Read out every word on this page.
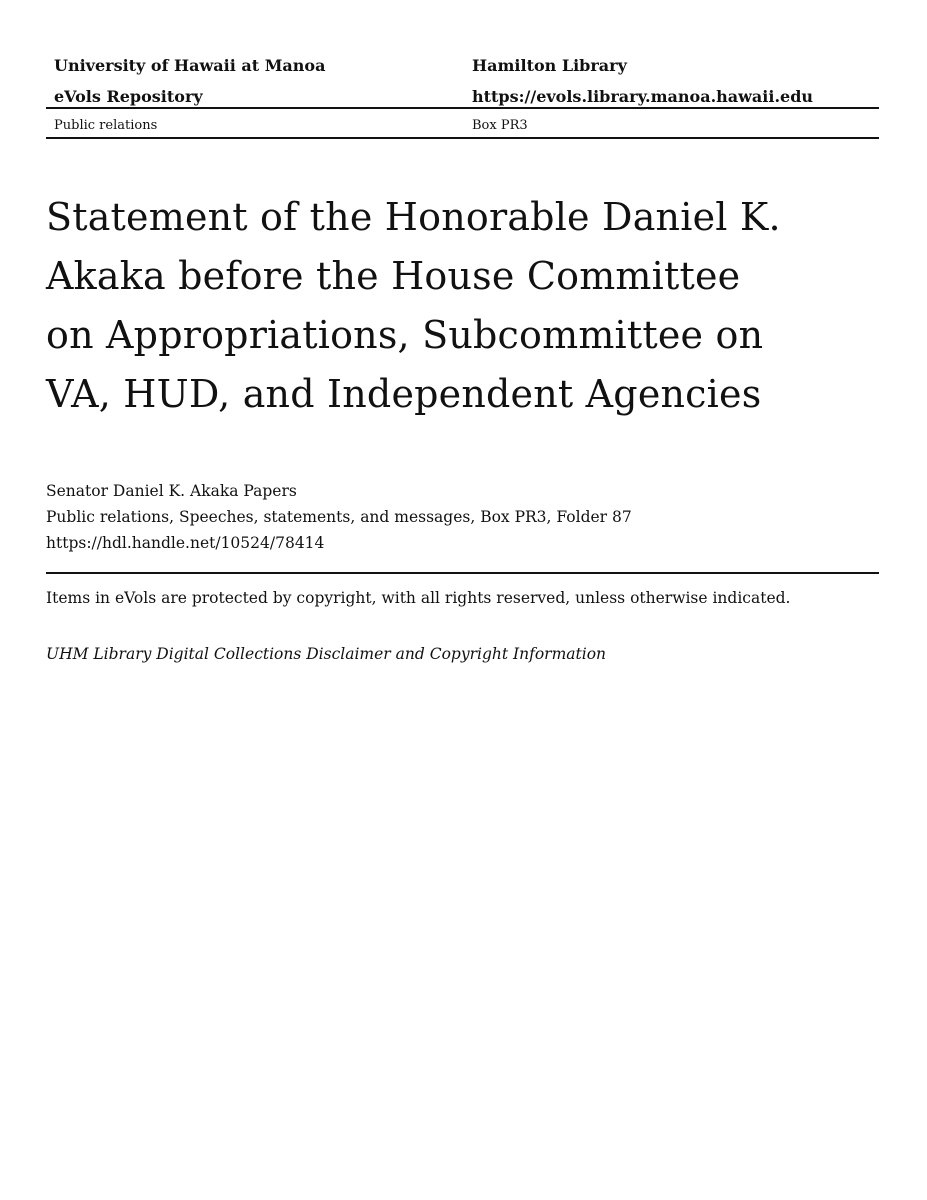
University of Hawaii at Manoa	Hamilton Library
eVols Repository	https://evols.library.manoa.hawaii.edu
Public relations	Box PR3
Statement of the Honorable Daniel K. Akaka before the House Committee on Appropriations, Subcommittee on VA, HUD, and Independent Agencies
Senator Daniel K. Akaka Papers
Public relations, Speeches, statements, and messages, Box PR3, Folder 87
https://hdl.handle.net/10524/78414
Items in eVols are protected by copyright, with all rights reserved, unless otherwise indicated.
UHM Library Digital Collections Disclaimer and Copyright Information
